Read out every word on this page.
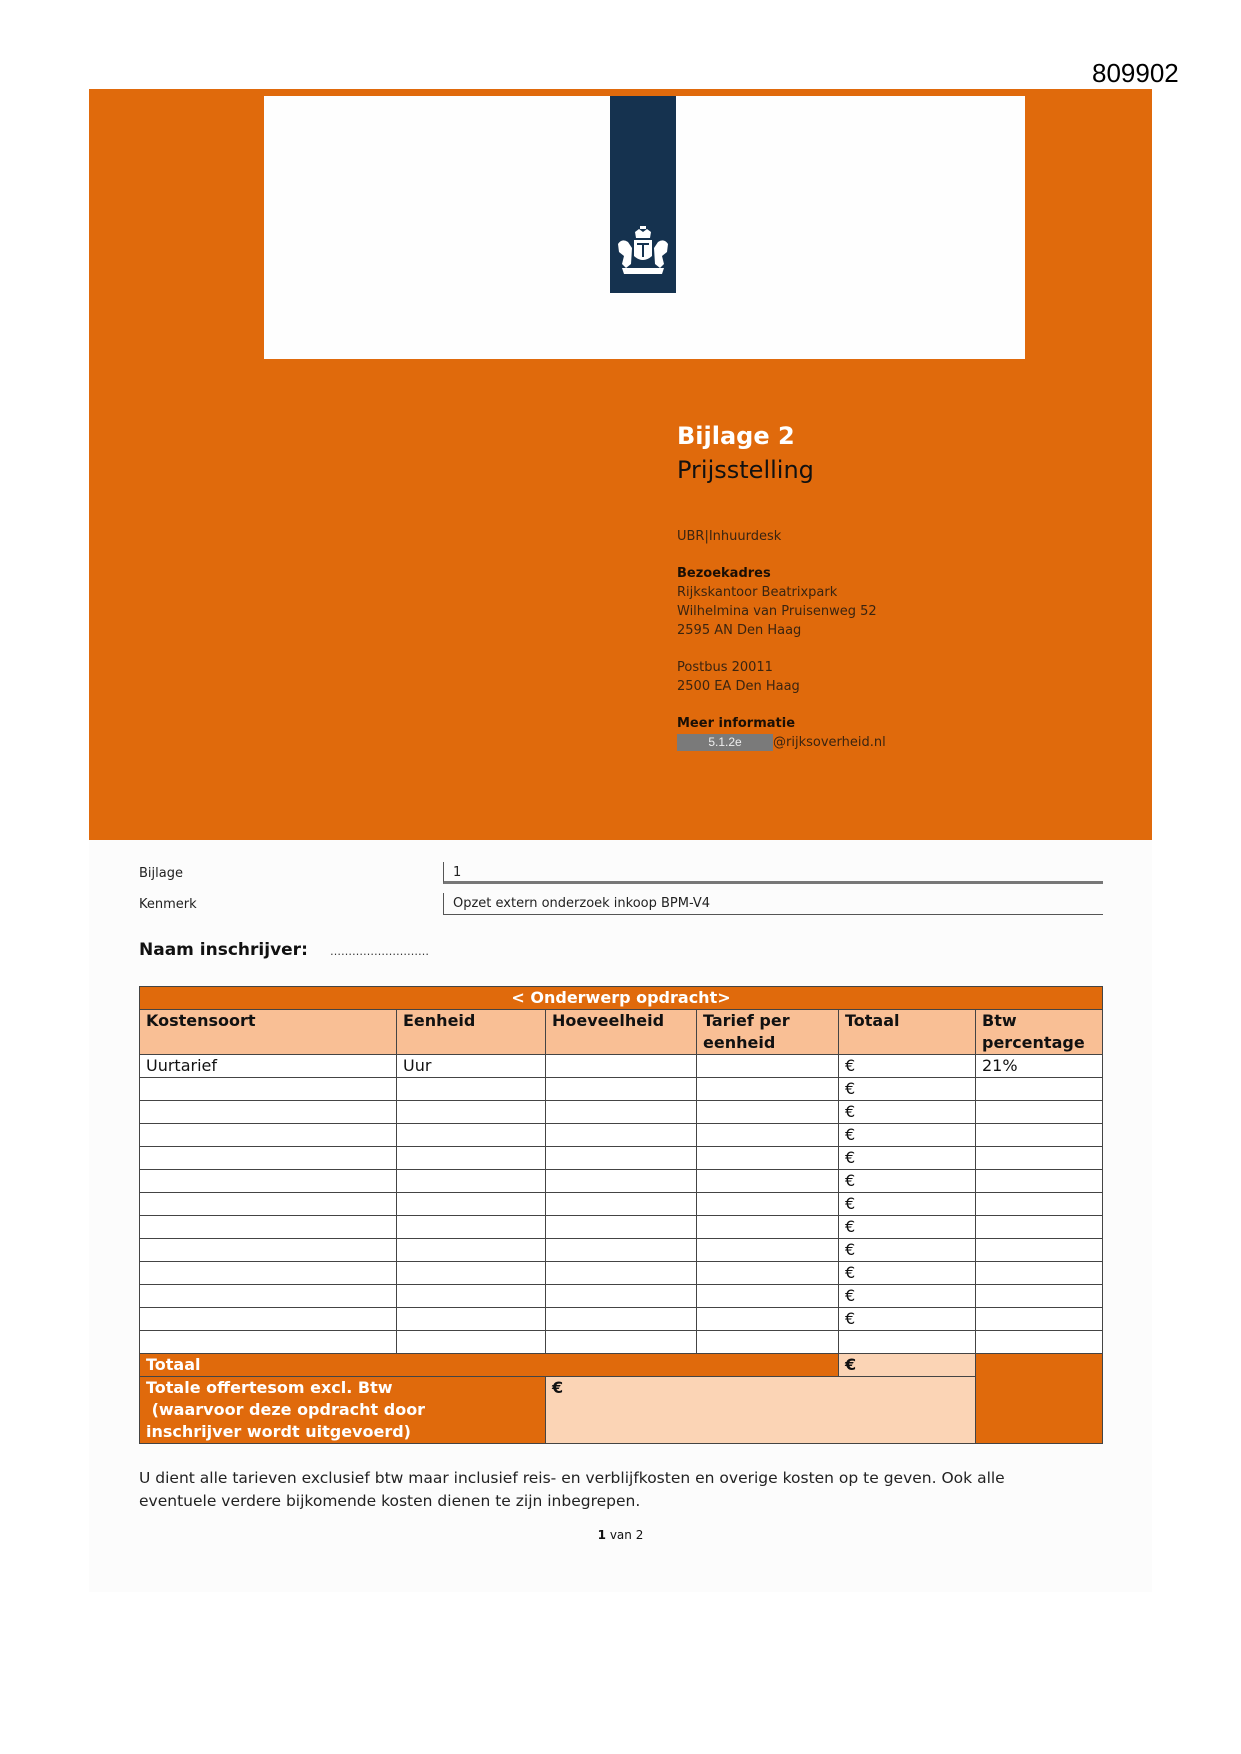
809902
Bijlage 2
Prijsstelling
UBR|Inhuurdesk
Bezoekadres
Rijkskantoor Beatrixpark
Wilhelmina van Pruisenweg 52
2595 AN Den Haag
Postbus 20011
2500 EA Den Haag
Meer informatie
5.1.2e @rijksoverheid.nl
Bijlage	1
Kenmerk	Opzet extern onderzoek inkoop BPM-V4
Naam inschrijver: ………………………
< Onderwerp opdracht>					
Kostensoort	Eenheid	Hoeveelheid	Tarief per eenheid	Totaal	Btw percentage
Uurtarief	Uur			€	21%
				€	
				€	
				€	
				€	
				€	
				€	
				€	
				€	
				€	
				€	
				€	

Totaal				€	

Totale offertesom excl. Btw
(waarvoor deze opdracht door
inschrijver wordt uitgevoerd)		€			
U dient alle tarieven exclusief btw maar inclusief reis- en verblijfkosten en overige kosten op te geven. Ook alle eventuele verdere bijkomende kosten dienen te zijn inbegrepen.
1 van 2
